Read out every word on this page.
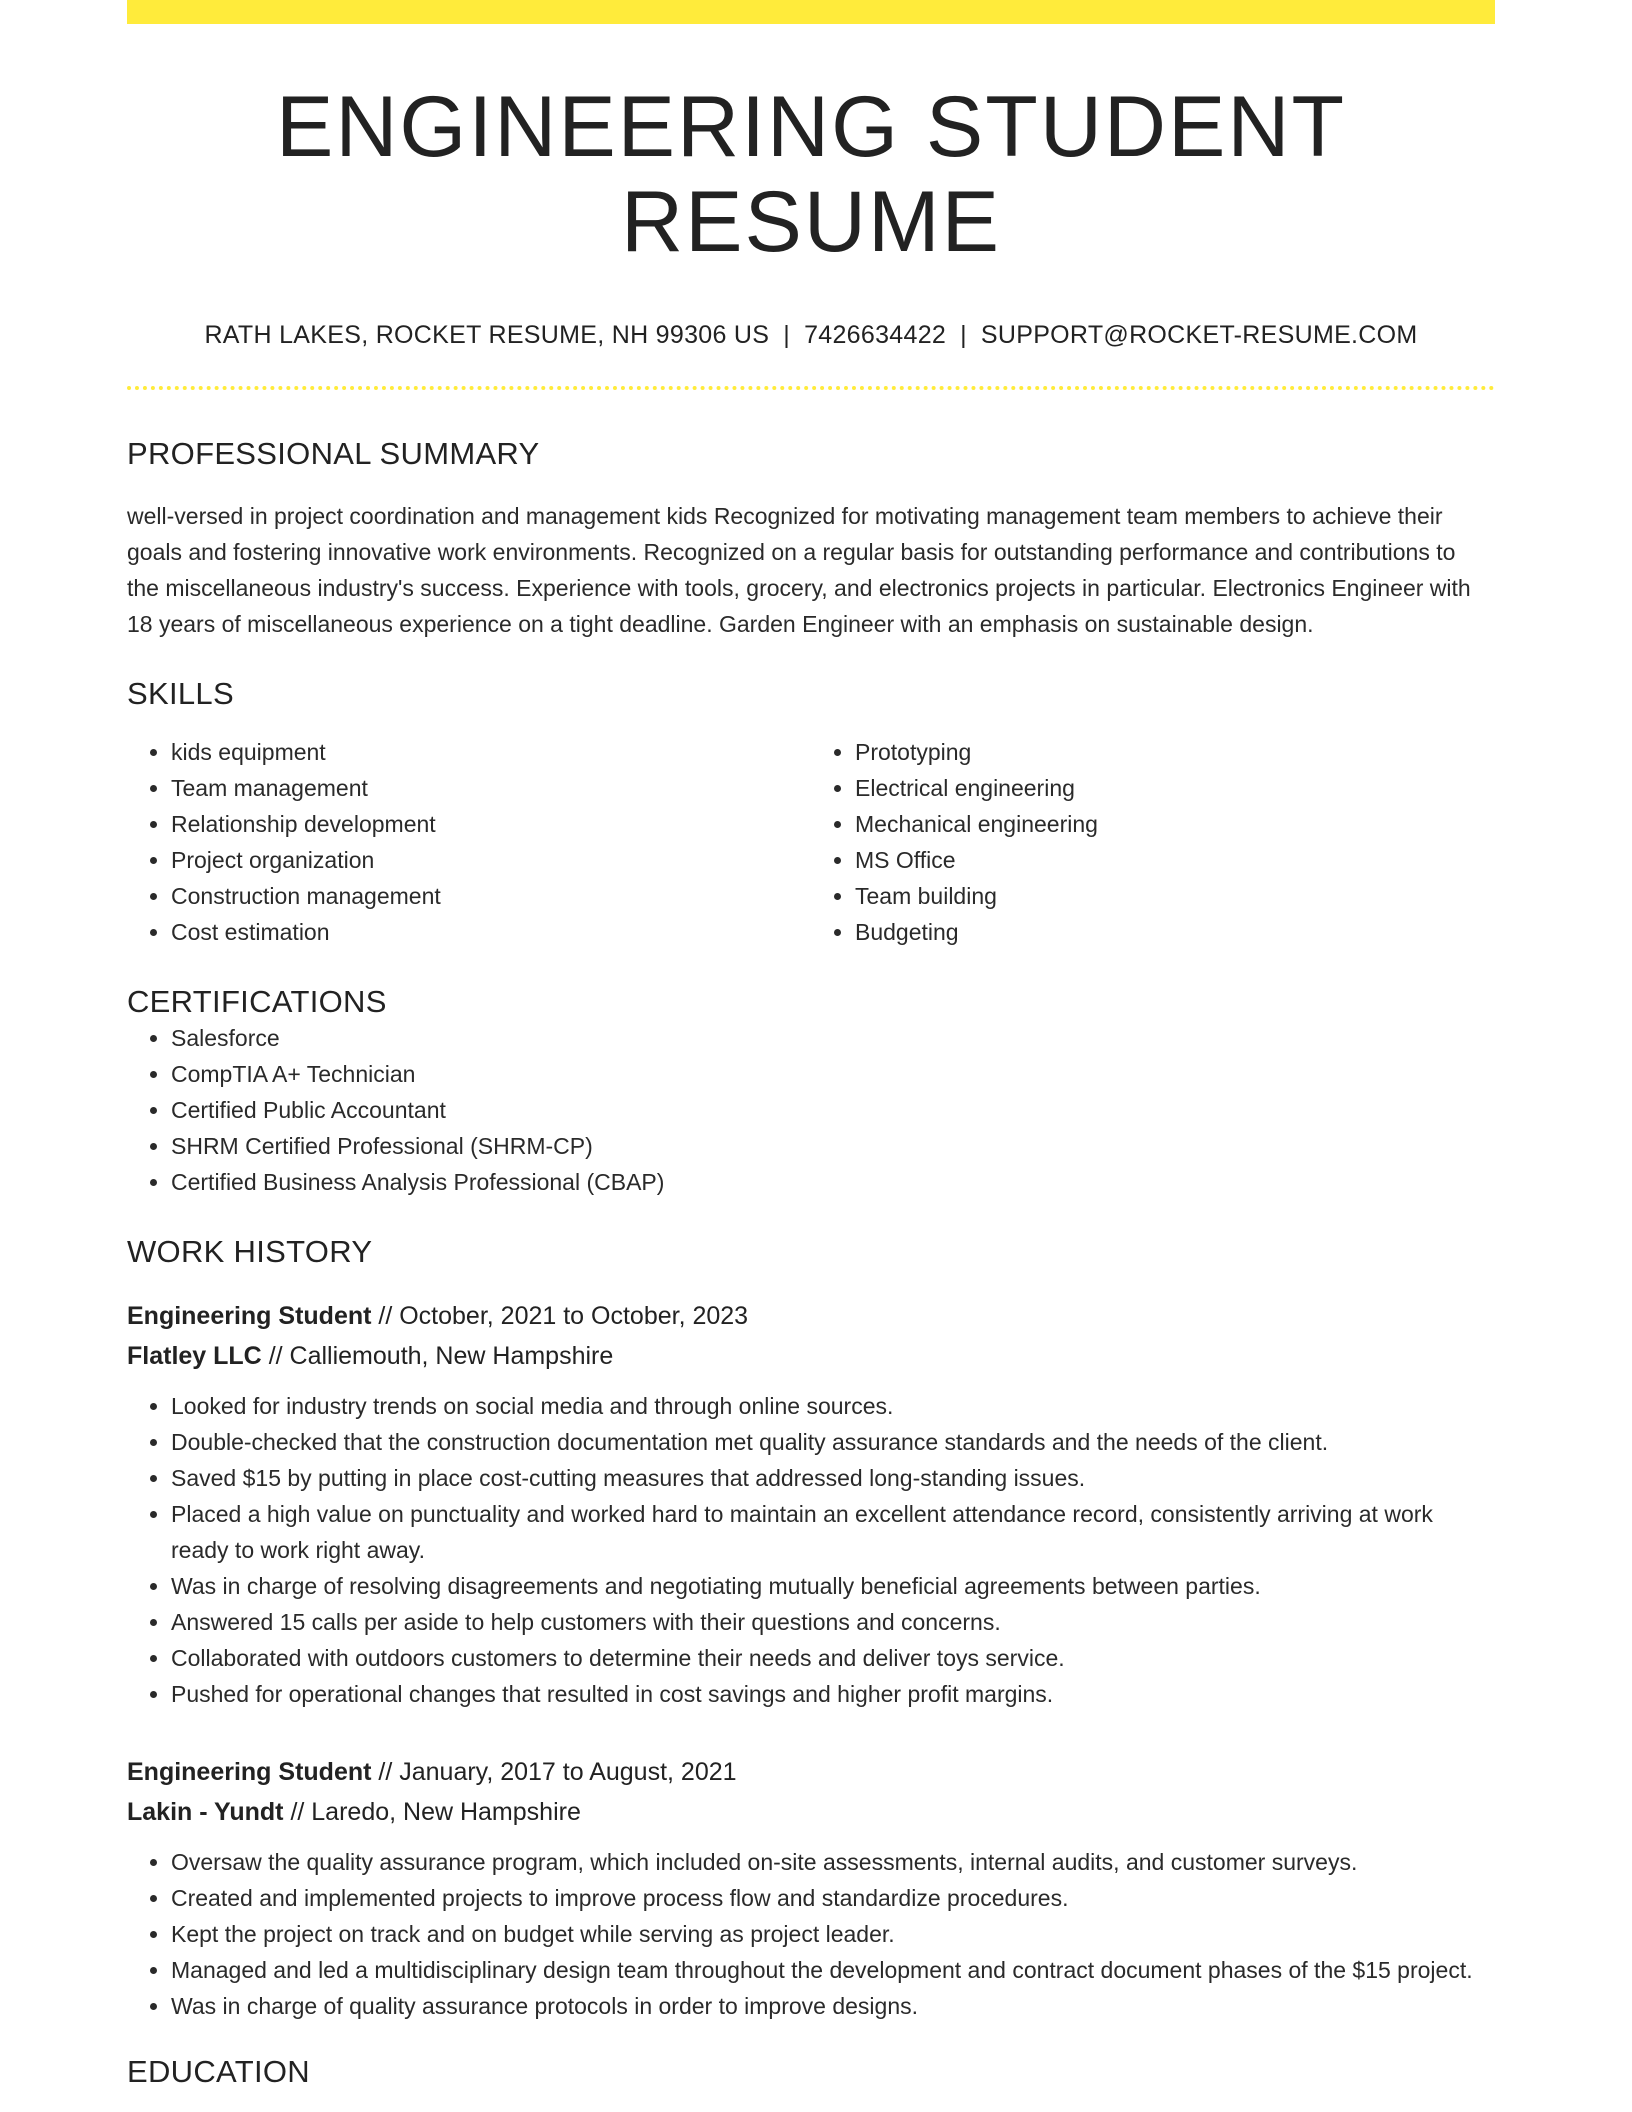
ENGINEERING STUDENT RESUME
RATH LAKES, ROCKET RESUME, NH 99306 US | 7426634422 | SUPPORT@ROCKET-RESUME.COM
PROFESSIONAL SUMMARY

well-versed in project coordination and management kids Recognized for motivating management team members to achieve their goals and fostering innovative work environments. Recognized on a regular basis for outstanding performance and contributions to the miscellaneous industry's success. Experience with tools, grocery, and electronics projects in particular. Electronics Engineer with 18 years of miscellaneous experience on a tight deadline. Garden Engineer with an emphasis on sustainable design.

SKILLS
• kids equipment
• Team management
• Relationship development
• Project organization
• Construction management
• Cost estimation
• Prototyping
• Electrical engineering
• Mechanical engineering
• MS Office
• Team building
• Budgeting
CERTIFICATIONS
• Salesforce
• CompTIA A+ Technician
• Certified Public Accountant
• SHRM Certified Professional (SHRM-CP)
• Certified Business Analysis Professional (CBAP)
WORK HISTORY
Engineering Student // October, 2021 to October, 2023
Flatley LLC // Calliemouth, New Hampshire
• Looked for industry trends on social media and through online sources.
• Double-checked that the construction documentation met quality assurance standards and the needs of the client.
• Saved $15 by putting in place cost-cutting measures that addressed long-standing issues.
• Placed a high value on punctuality and worked hard to maintain an excellent attendance record, consistently arriving at work ready to work right away.
• Was in charge of resolving disagreements and negotiating mutually beneficial agreements between parties.
• Answered 15 calls per aside to help customers with their questions and concerns.
• Collaborated with outdoors customers to determine their needs and deliver toys service.
• Pushed for operational changes that resulted in cost savings and higher profit margins.
Engineering Student // January, 2017 to August, 2021
Lakin - Yundt // Laredo, New Hampshire
• Oversaw the quality assurance program, which included on-site assessments, internal audits, and customer surveys.
• Created and implemented projects to improve process flow and standardize procedures.
• Kept the project on track and on budget while serving as project leader.
• Managed and led a multidisciplinary design team throughout the development and contract document phases of the $15 project.
• Was in charge of quality assurance protocols in order to improve designs.
EDUCATION
